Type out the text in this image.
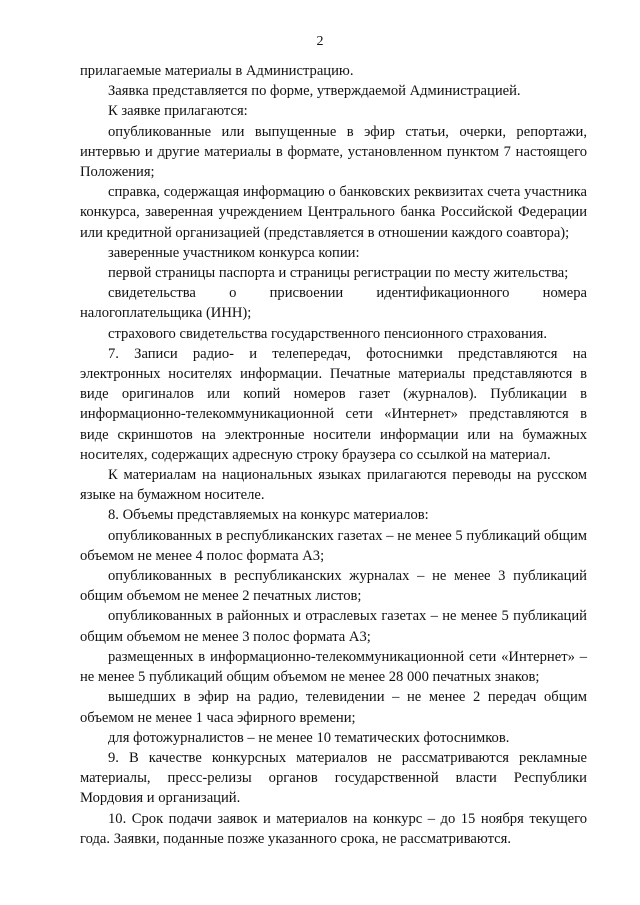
2

прилагаемые материалы в Администрацию.

Заявка представляется по форме, утверждаемой Администрацией.

К заявке прилагаются:

опубликованные или выпущенные в эфир статьи, очерки, репортажи, интервью и другие материалы в формате, установленном пунктом 7 настоящего Положения;

справка, содержащая информацию о банковских реквизитах счета участника конкурса, заверенная учреждением Центрального банка Российской Федерации или кредитной организацией (представляется в отношении каждого соавтора);

заверенные участником конкурса копии:

первой страницы паспорта и страницы регистрации по месту жительства;

свидетельства о присвоении идентификационного номера налогоплательщика (ИНН);

страхового свидетельства государственного пенсионного страхования.

7. Записи радио- и телепередач, фотоснимки представляются на электронных носителях информации. Печатные материалы представляются в виде оригиналов или копий номеров газет (журналов). Публикации в информационно-телекоммуникационной сети «Интернет» представляются в виде скриншотов на электронные носители информации или на бумажных носителях, содержащих адресную строку браузера со ссылкой на материал.

К материалам на национальных языках прилагаются переводы на русском языке на бумажном носителе.

8. Объемы представляемых на конкурс материалов:

опубликованных в республиканских газетах – не менее 5 публикаций общим объемом не менее 4 полос формата А3;

опубликованных в республиканских журналах – не менее 3 публикаций общим объемом не менее 2 печатных листов;

опубликованных в районных и отраслевых газетах – не менее 5 публикаций общим объемом не менее 3 полос формата А3;

размещенных в информационно-телекоммуникационной сети «Интернет» – не менее 5 публикаций общим объемом не менее 28 000 печатных знаков;

вышедших в эфир на радио, телевидении – не менее 2 передач общим объемом не менее 1 часа эфирного времени;

для фотожурналистов – не менее 10 тематических фотоснимков.

9. В качестве конкурсных материалов не рассматриваются рекламные материалы, пресс-релизы органов государственной власти Республики Мордовия и организаций.

10. Срок подачи заявок и материалов на конкурс – до 15 ноября текущего года. Заявки, поданные позже указанного срока, не рассматриваются.
